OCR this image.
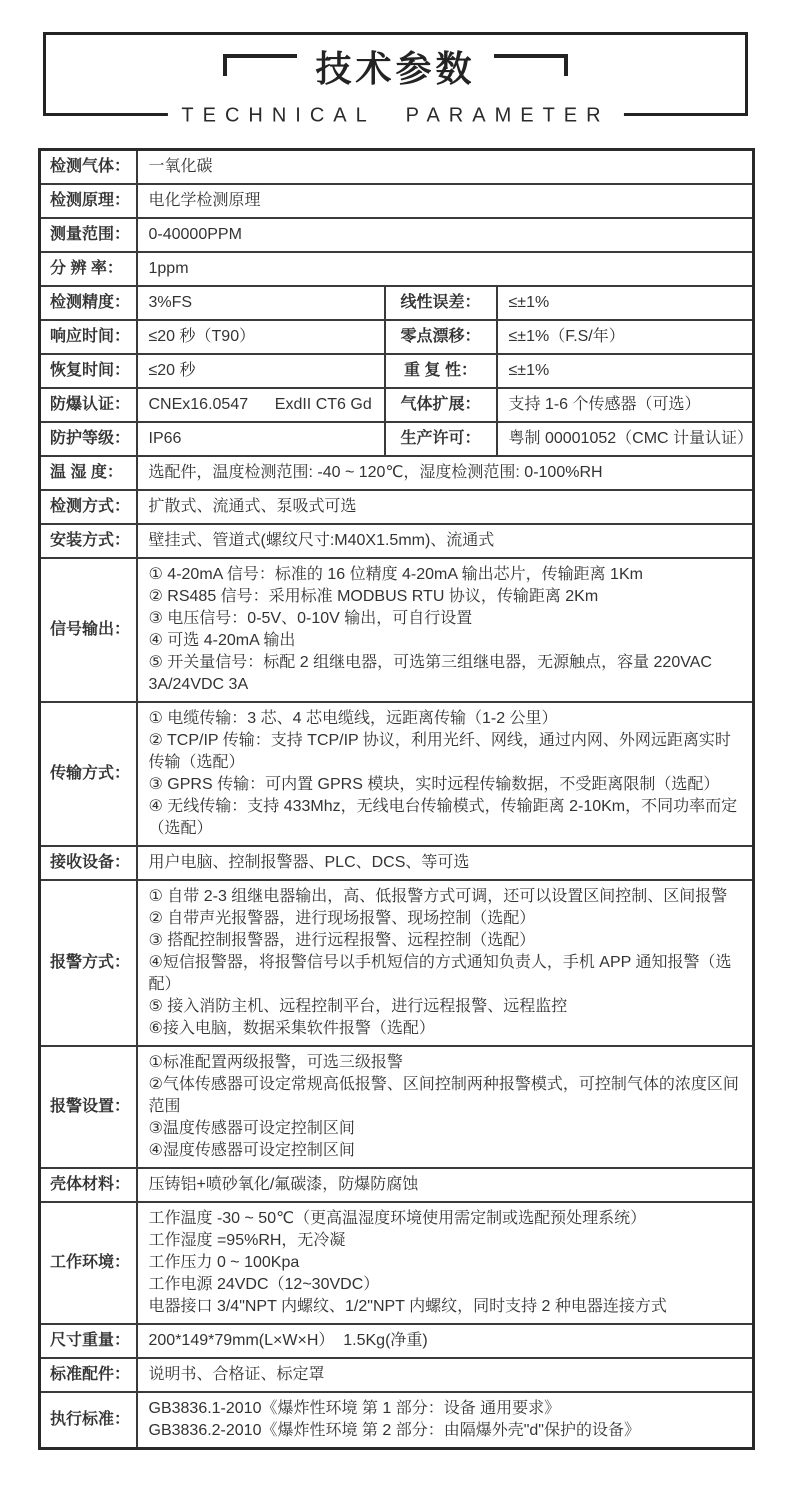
技术参数
TECHNICAL PARAMETER
检测气体：	一氧化碳		

检测原理：	电化学检测原理		

测量范围：	0-40000PPM		

分 辨 率：	1ppm		

检测精度：	3%FS	线性误差：	≤±1%
响应时间：	≤20 秒（T90）	零点漂移：	≤±1%（F.S/年）
恢复时间：	≤20 秒	重 复 性：	≤±1%
防爆认证：	CNEx16.0547      ExdII CT6 Gd	气体扩展：	支持 1-6 个传感器（可选）
防护等级：	IP66	生产许可：	粤制 00001052（CMC 计量认证）
温 湿 度：	选配件，温度检测范围: -40 ~ 120℃，湿度检测范围: 0-100%RH		

检测方式：	扩散式、流通式、泵吸式可选		

安装方式：	壁挂式、管道式(螺纹尺寸:M40X1.5mm)、流通式		

信号输出：	① 4-20mA 信号：标准的 16 位精度 4-20mA 输出芯片，传输距离 1Km
② RS485 信号：采用标准 MODBUS RTU 协议，传输距离 2Km
③ 电压信号：0-5V、0-10V 输出，可自行设置
④ 可选 4-20mA 输出
⑤ 开关量信号：标配 2 组继电器，可选第三组继电器，无源触点，容量 220VAC 3A/24VDC 3A		

传输方式：	① 电缆传输：3 芯、4 芯电缆线，远距离传输（1-2 公里）
② TCP/IP 传输：支持 TCP/IP 协议，利用光纤、网线，通过内网、外网远距离实时传输（选配）
③ GPRS 传输：可内置 GPRS 模块，实时远程传输数据，不受距离限制（选配）
④ 无线传输：支持 433Mhz，无线电台传输模式，传输距离 2-10Km，不同功率而定（选配）		

接收设备：	用户电脑、控制报警器、PLC、DCS、等可选		

报警方式：	
① 自带 2-3 组继电器输出，高、低报警方式可调，还可以设置区间控制、区间报警
② 自带声光报警器，进行现场报警、现场控制（选配）
③ 搭配控制报警器，进行远程报警、远程控制（选配）
④短信报警器，将报警信号以手机短信的方式通知负责人，手机 APP 通知报警（选配）
⑤ 接入消防主机、远程控制平台，进行远程报警、远程监控
⑥接入电脑，数据采集软件报警（选配）

报警设置：	①标准配置两级报警，可选三级报警
②气体传感器可设定常规高低报警、区间控制两种报警模式，可控制气体的浓度区间范围
③温度传感器可设定控制区间
④湿度传感器可设定控制区间		

壳体材料：	压铸铝+喷砂氧化/氟碳漆，防爆防腐蚀		

工作环境：	工作温度 -30 ~ 50℃（更高温湿度环境使用需定制或选配预处理系统）
工作湿度 =95%RH，无冷凝
工作压力 0 ~ 100Kpa
工作电源 24VDC（12~30VDC）
电器接口 3/4"NPT 内螺纹、1/2"NPT 内螺纹，同时支持 2 种电器连接方式		

尺寸重量：	200*149*79mm(L×W×H）  1.5Kg(净重)		

标准配件：	说明书、合格证、标定罩		

执行标准：	GB3836.1-2010《爆炸性环境 第 1 部分：设备 通用要求》
GB3836.2-2010《爆炸性环境 第 2 部分：由隔爆外壳"d"保护的设备》		
